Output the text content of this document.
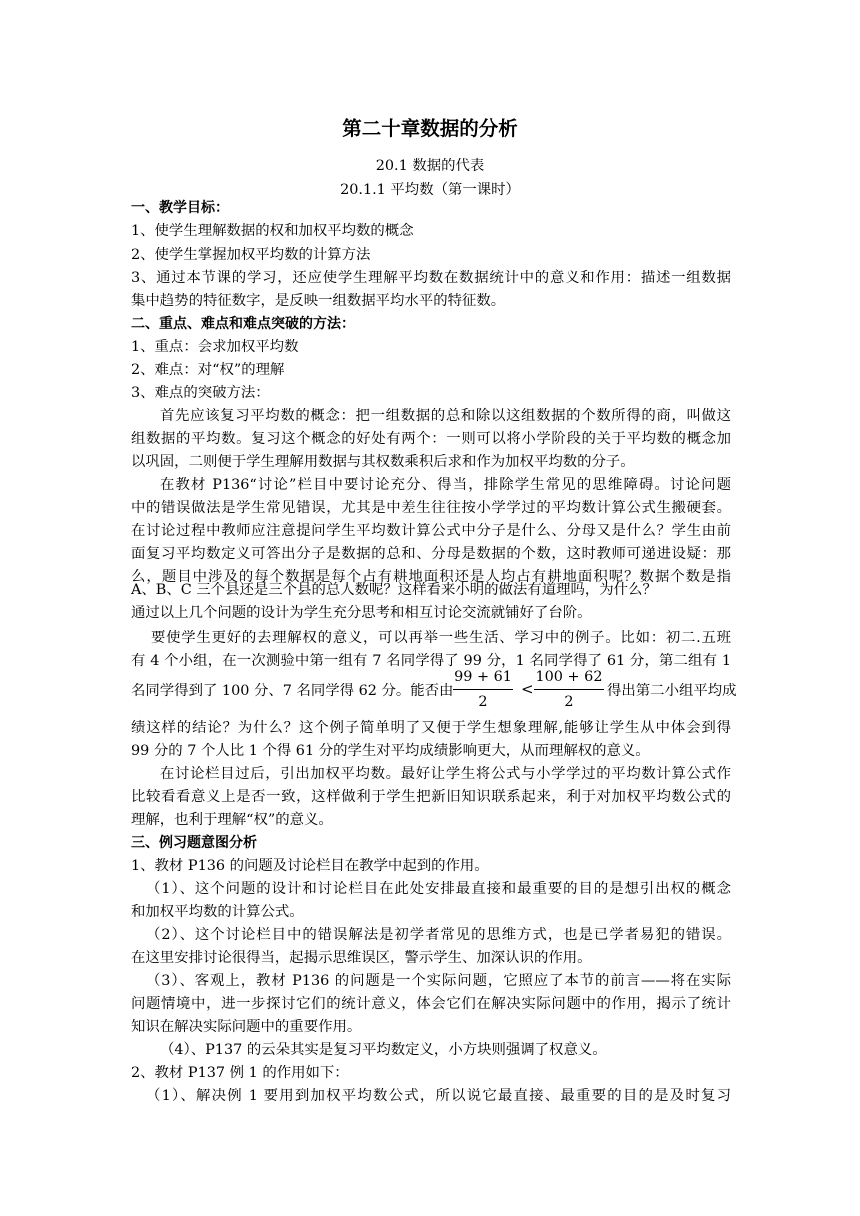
第二十章数据的分析
20.1 数据的代表
20.1.1 平均数（第一课时）
一、教学目标：
1、使学生理解数据的权和加权平均数的概念
2、使学生掌握加权平均数的计算方法
3、通过本节课的学习，还应使学生理解平均数在数据统计中的意义和作用：描述一组数据
集中趋势的特征数字，是反映一组数据平均水平的特征数。
二、重点、难点和难点突破的方法：
1、重点：会求加权平均数
2、难点：对“权”的理解
3、难点的突破方法：
首先应该复习平均数的概念：把一组数据的总和除以这组数据的个数所得的商，叫做这
组数据的平均数。复习这个概念的好处有两个：一则可以将小学阶段的关于平均数的概念加
以巩固，二则便于学生理解用数据与其权数乘积后求和作为加权平均数的分子。
在教材 P136“讨论”栏目中要讨论充分、得当，排除学生常见的思维障碍。讨论问题
中的错误做法是学生常见错误，尤其是中差生往往按小学学过的平均数计算公式生搬硬套。
在讨论过程中教师应注意提问学生平均数计算公式中分子是什么、分母又是什么？学生由前
面复习平均数定义可答出分子是数据的总和、分母是数据的个数，这时教师可递进设疑：那
么，题目中涉及的每个数据是每个占有耕地面积还是人均占有耕地面积呢？数据个数是指
A、B、C 三个县还是三个县的总人数呢？这样看来小明的做法有道理吗，为什么？
通过以上几个问题的设计为学生充分思考和相互讨论交流就铺好了台阶。
要使学生更好的去理解权的意义，可以再举一些生活、学习中的例子。比如：初二.五班
有 4 个小组，在一次测验中第一组有 7 名同学得了 99 分，1 名同学得了 61 分，第二组有 1
名同学得到了 100 分、7 名同学得 62 分。能否由
99 + 61
2
<
100 + 62
2
得出第二小组平均成
绩这样的结论？为什么？这个例子简单明了又便于学生想象理解,能够让学生从中体会到得
99 分的 7 个人比 1 个得 61 分的学生对平均成绩影响更大，从而理解权的意义。
在讨论栏目过后，引出加权平均数。最好让学生将公式与小学学过的平均数计算公式作
比较看看意义上是否一致，这样做利于学生把新旧知识联系起来，利于对加权平均数公式的
理解，也利于理解“权”的意义。
三、例习题意图分析
1、教材 P136 的问题及讨论栏目在教学中起到的作用。
（1）、这个问题的设计和讨论栏目在此处安排最直接和最重要的目的是想引出权的概念
和加权平均数的计算公式。
（2）、这个讨论栏目中的错误解法是初学者常见的思维方式，也是已学者易犯的错误。
在这里安排讨论很得当，起揭示思维误区，警示学生、加深认识的作用。
（3）、客观上，教材 P136 的问题是一个实际问题，它照应了本节的前言——将在实际
问题情境中，进一步探讨它们的统计意义，体会它们在解决实际问题中的作用，揭示了统计
知识在解决实际问题中的重要作用。
（4）、P137 的云朵其实是复习平均数定义，小方块则强调了权意义。
2、教材 P137 例 1 的作用如下：
（1）、解决例 1 要用到加权平均数公式，所以说它最直接、最重要的目的是及时复习
